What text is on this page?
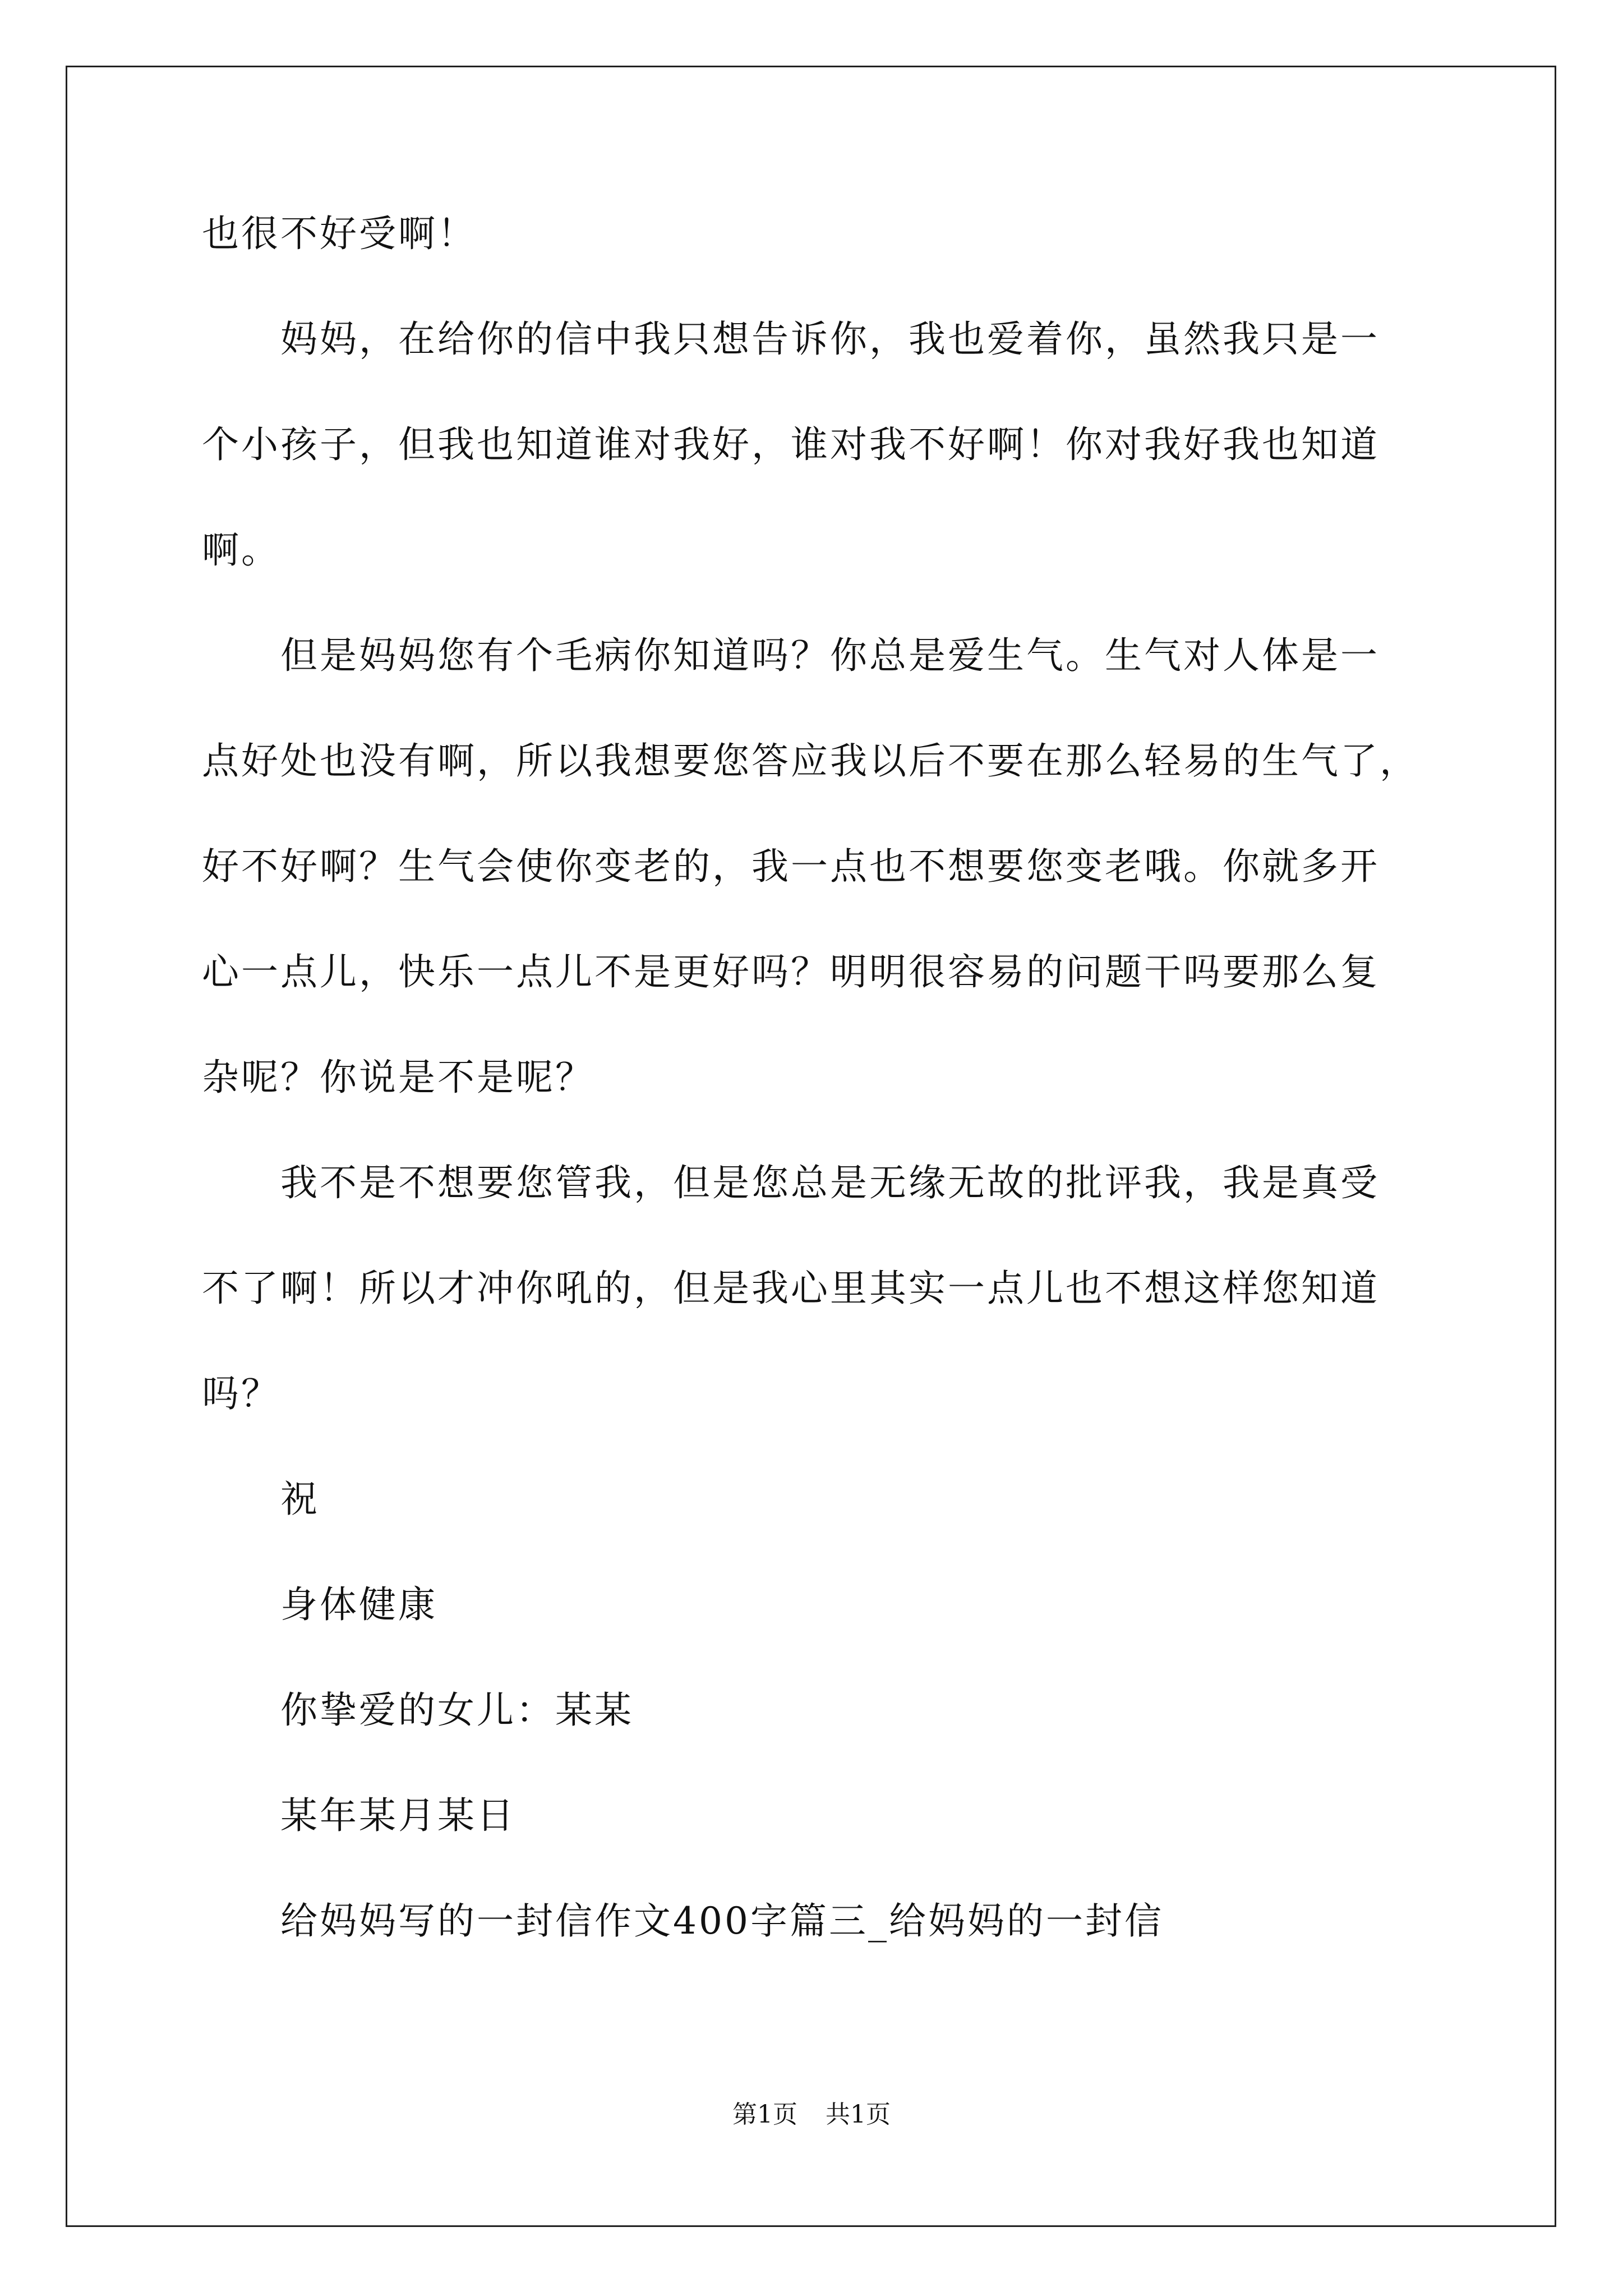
也很不好受啊！
妈妈，在给你的信中我只想告诉你，我也爱着你，虽然我只是一
个小孩子，但我也知道谁对我好，谁对我不好啊！你对我好我也知道
啊。
但是妈妈您有个毛病你知道吗？你总是爱生气。生气对人体是一
点好处也没有啊，所以我想要您答应我以后不要在那么轻易的生气了，
好不好啊？生气会使你变老的，我一点也不想要您变老哦。你就多开
心一点儿，快乐一点儿不是更好吗？明明很容易的问题干吗要那么复
杂呢？你说是不是呢？
我不是不想要您管我，但是您总是无缘无故的批评我，我是真受
不了啊！所以才冲你吼的，但是我心里其实一点儿也不想这样您知道
吗？
祝
身体健康
你挚爱的女儿：某某
某年某月某日
给妈妈写的一封信作文400字篇三_给妈妈的一封信
第1页 共1页
